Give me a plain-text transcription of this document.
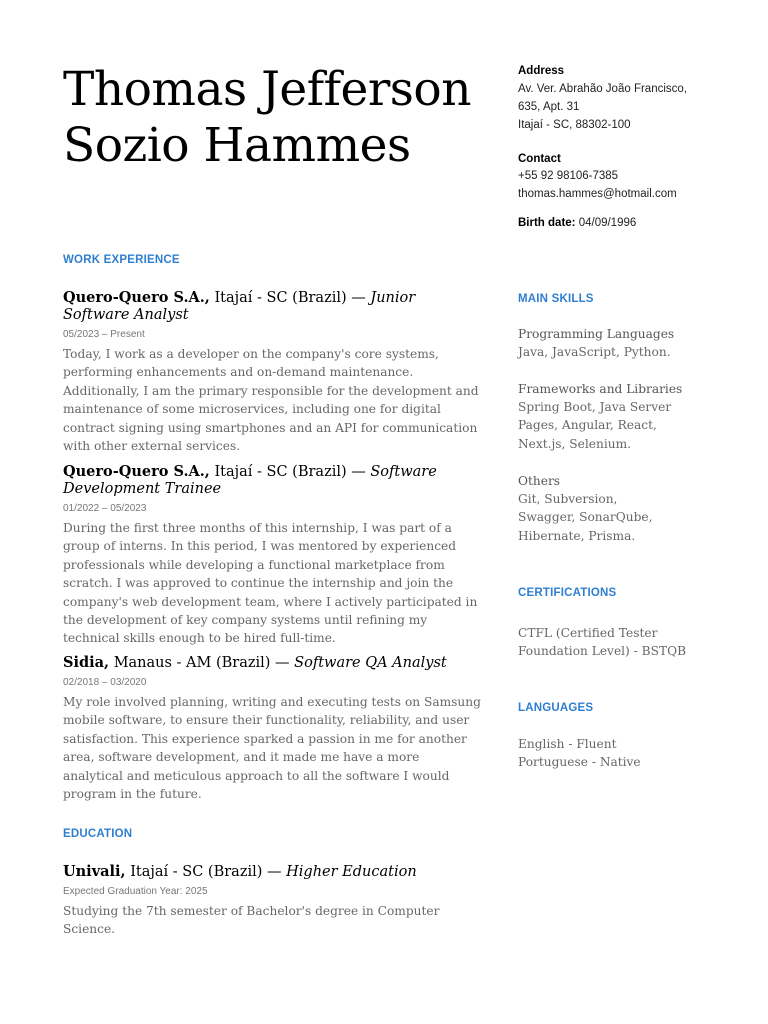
Thomas Jefferson
Sozio Hammes
Address
Av. Ver. Abrahão João Francisco,
635, Apt. 31
Itajaí - SC, 88302-100
Contact
+55 92 98106-7385
thomas.hammes@hotmail.com
Birth date: 04/09/1996
WORK EXPERIENCE
Quero-Quero S.A., Itajaí - SC (Brazil) — Junior Software Analyst
05/2023 – Present
Today, I work as a developer on the company's core systems, performing enhancements and on-demand maintenance. Additionally, I am the primary responsible for the development and maintenance of some microservices, including one for digital contract signing using smartphones and an API for communication with other external services.
Quero-Quero S.A., Itajaí - SC (Brazil) — Software Development Trainee
01/2022 – 05/2023
During the first three months of this internship, I was part of a group of interns. In this period, I was mentored by experienced professionals while developing a functional marketplace from scratch. I was approved to continue the internship and join the company's web development team, where I actively participated in the development of key company systems until refining my technical skills enough to be hired full-time.
Sidia, Manaus - AM (Brazil) — Software QA Analyst
02/2018 – 03/2020
My role involved planning, writing and executing tests on Samsung mobile software, to ensure their functionality, reliability, and user satisfaction. This experience sparked a passion in me for another area, software development, and it made me have a more analytical and meticulous approach to all the software I would program in the future.
EDUCATION
Univali, Itajaí - SC (Brazil) — Higher Education
Expected Graduation Year: 2025
Studying the 7th semester of Bachelor's degree in Computer Science.
MAIN SKILLS
Programming Languages
Java, JavaScript, Python.
Frameworks and Libraries
Spring Boot, Java Server Pages, Angular, React, Next.js, Selenium.
Others
Git, Subversion, Swagger, SonarQube, Hibernate, Prisma.
CERTIFICATIONS
CTFL (Certified Tester Foundation Level) - BSTQB
LANGUAGES
English - Fluent
Portuguese - Native
